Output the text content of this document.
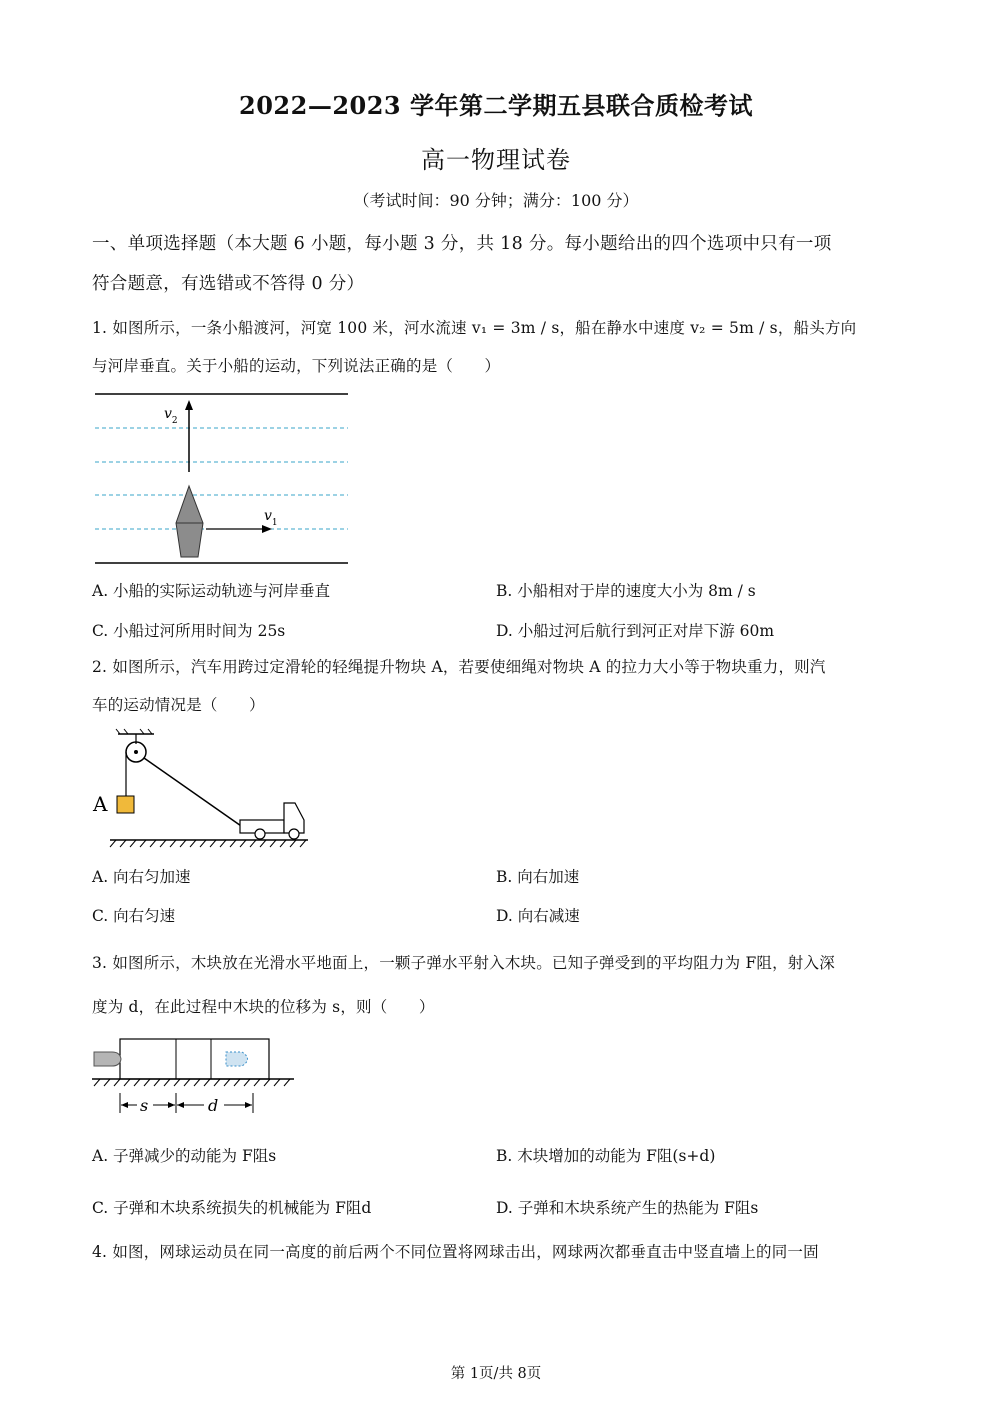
2022—2023 学年第二学期五县联合质检考试
高一物理试卷
（考试时间：90 分钟；满分：100 分）
一、单项选择题（本大题 6 小题，每小题 3 分，共 18 分。每小题给出的四个选项中只有一项
符合题意，有选错或不答得 0 分）
1. 如图所示，一条小船渡河，河宽 100 米，河水流速 v₁ = 3m / s，船在静水中速度 v₂ = 5m / s，船头方向
与河岸垂直。关于小船的运动，下列说法正确的是（　　）
$v_2$
$v_1$
A. 小船的实际运动轨迹与河岸垂直	B. 小船相对于岸的速度大小为 8m / s
C. 小船过河所用时间为 25s	D. 小船过河后航行到河正对岸下游 60m
2. 如图所示，汽车用跨过定滑轮的轻绳提升物块 A，若要使细绳对物块 A 的拉力大小等于物块重力，则汽
车的运动情况是（　　）
A
A. 向右匀加速	B. 向右加速
C. 向右匀速	D. 向右减速
3. 如图所示，木块放在光滑水平地面上，一颗子弹水平射入木块。已知子弹受到的平均阻力为 F阻，射入深
度为 d，在此过程中木块的位移为 s，则（　　）
s	d
A. 子弹减少的动能为 F阻s	B. 木块增加的动能为 F阻(s+d)
C. 子弹和木块系统损失的机械能为 F阻d	D. 子弹和木块系统产生的热能为 F阻s
4. 如图，网球运动员在同一高度的前后两个不同位置将网球击出，网球两次都垂直击中竖直墙上的同一固
第 1页/共 8页
